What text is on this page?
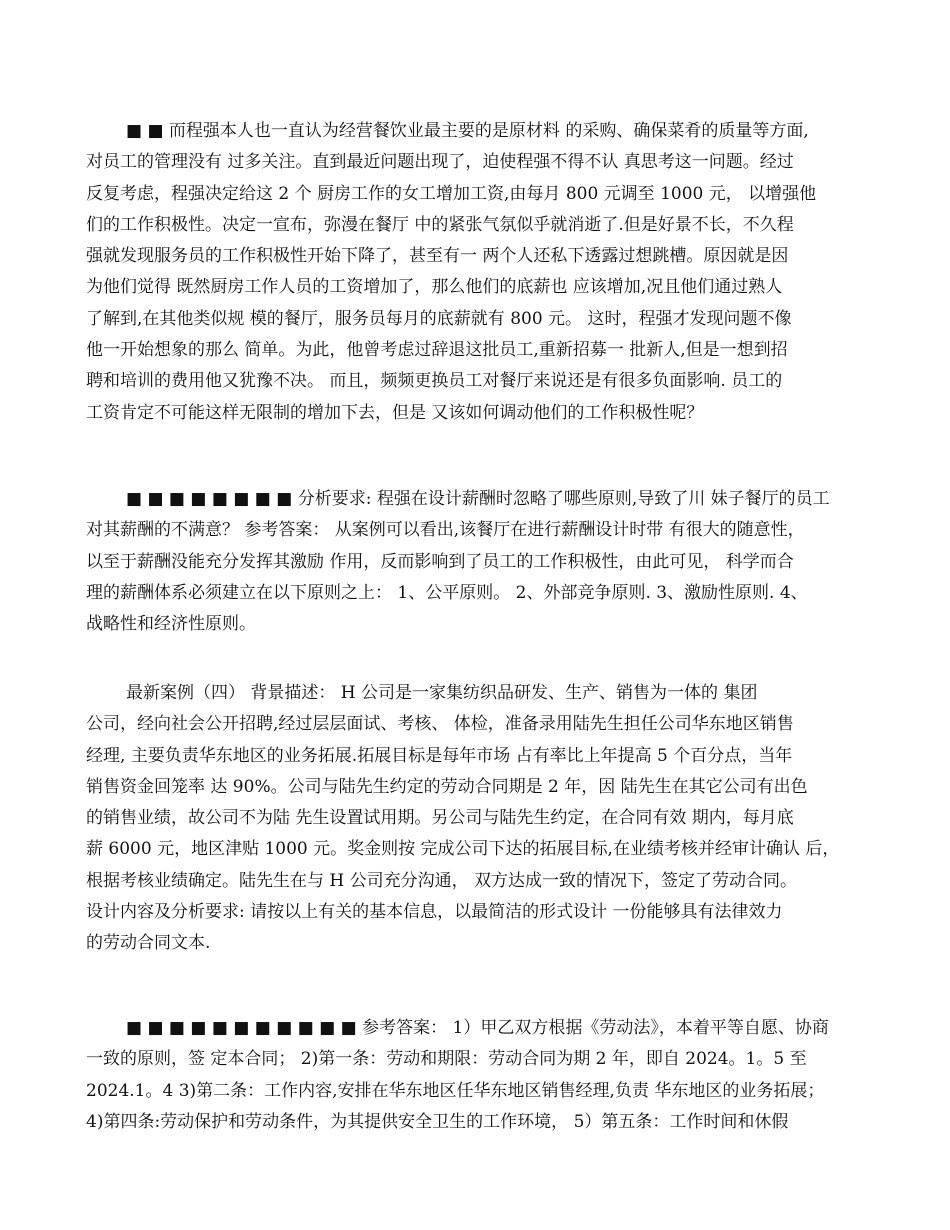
■ ■ 而程强本人也一直认为经营餐饮业最主要的是原材料 的采购、确保菜肴的质量等方面,
对员工的管理没有 过多关注。直到最近问题出现了，迫使程强不得不认 真思考这一问题。经过
反复考虑，程强决定给这 2 个 厨房工作的女工增加工资,由每月 800 元调至 1000 元， 以增强他
们的工作积极性。决定一宣布，弥漫在餐厅 中的紧张气氛似乎就消逝了.但是好景不长，不久程
强就发现服务员的工作积极性开始下降了，甚至有一 两个人还私下透露过想跳槽。原因就是因
为他们觉得 既然厨房工作人员的工资增加了，那么他们的底薪也 应该增加,况且他们通过熟人
了解到,在其他类似规 模的餐厅，服务员每月的底薪就有 800 元。 这时，程强才发现问题不像
他一开始想象的那么 简单。为此，他曾考虑过辞退这批员工,重新招募一 批新人,但是一想到招
聘和培训的费用他又犹豫不决。 而且，频频更换员工对餐厅来说还是有很多负面影响. 员工的
工资肯定不可能这样无限制的增加下去，但是 又该如何调动他们的工作积极性呢？
■ ■ ■ ■ ■ ■ ■ ■ 分析要求: 程强在设计薪酬时忽略了哪些原则,导致了川 妹子餐厅的员工
对其薪酬的不满意？ 参考答案： 从案例可以看出,该餐厅在进行薪酬设计时带 有很大的随意性，
以至于薪酬没能充分发挥其激励 作用，反而影响到了员工的工作积极性，由此可见， 科学而合
理的薪酬体系必须建立在以下原则之上： 1、公平原则。 2、外部竞争原则. 3、激励性原则. 4、
战略性和经济性原则。
最新案例（四） 背景描述： H 公司是一家集纺织品研发、生产、销售为一体的 集团
公司，经向社会公开招聘,经过层层面试、考核、 体检，准备录用陆先生担任公司华东地区销售
经理, 主要负责华东地区的业务拓展.拓展目标是每年市场 占有率比上年提高 5 个百分点，当年
销售资金回笼率 达 90%。公司与陆先生约定的劳动合同期是 2 年，因 陆先生在其它公司有出色
的销售业绩，故公司不为陆 先生设置试用期。另公司与陆先生约定，在合同有效 期内，每月底
薪 6000 元，地区津贴 1000 元。奖金则按 完成公司下达的拓展目标,在业绩考核并经审计确认 后，
根据考核业绩确定。陆先生在与 H 公司充分沟通， 双方达成一致的情况下，签定了劳动合同。
设计内容及分析要求: 请按以上有关的基本信息，以最简洁的形式设计 一份能够具有法律效力
的劳动合同文本.
■ ■ ■ ■ ■ ■ ■ ■ ■ ■ ■ 参考答案： 1）甲乙双方根据《劳动法》，本着平等自愿、协商
一致的原则，签 定本合同； 2)第一条：劳动和期限：劳动合同为期 2 年，即自 2024。1。5 至
2024.1。4 3)第二条：工作内容,安排在华东地区任华东地区销售经理,负责 华东地区的业务拓展；
4)第四条:劳动保护和劳动条件，为其提供安全卫生的工作环境， 5）第五条：工作时间和休假
